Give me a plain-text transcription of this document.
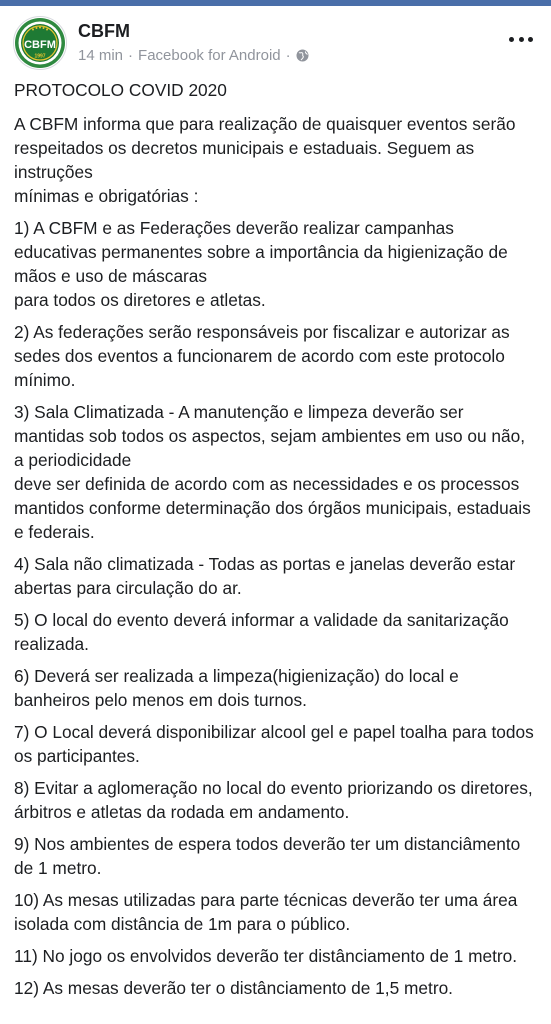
CBFM
1997
CBFM
14 min · Facebook for Android ·

PROTOCOLO COVID 2020

A CBFM informa que para realização de quaisquer eventos serão respeitados os decretos municipais e estaduais. Seguem as instruções
mínimas e obrigatórias :

1) A CBFM e as Federações deverão realizar campanhas educativas permanentes sobre a importância da higienização de mãos e uso de máscaras
para todos os diretores e atletas.

2) As federações serão responsáveis por fiscalizar e autorizar as sedes dos eventos a funcionarem de acordo com este protocolo mínimo.

3) Sala Climatizada - A manutenção e limpeza deverão ser mantidas sob todos os aspectos, sejam ambientes em uso ou não, a periodicidade
deve ser definida de acordo com as necessidades e os processos mantidos conforme determinação dos órgãos municipais, estaduais e federais.

4) Sala não climatizada - Todas as portas e janelas deverão estar abertas para circulação do ar.

5) O local do evento deverá informar a validade da sanitarização realizada.

6) Deverá ser realizada a limpeza(higienização) do local e banheiros pelo menos em dois turnos.

7) O Local deverá disponibilizar alcool gel e papel toalha para todos os participantes.

8) Evitar a aglomeração no local do evento priorizando os diretores, árbitros e atletas da rodada em andamento.

9) Nos ambientes de espera todos deverão ter um distanciâmento de 1 metro.

10) As mesas utilizadas para parte técnicas deverão ter uma área isolada com distância de 1m para o público.

11) No jogo os envolvidos deverão ter distânciamento de 1 metro.

12) As mesas deverão ter o distânciamento de 1,5 metro.
